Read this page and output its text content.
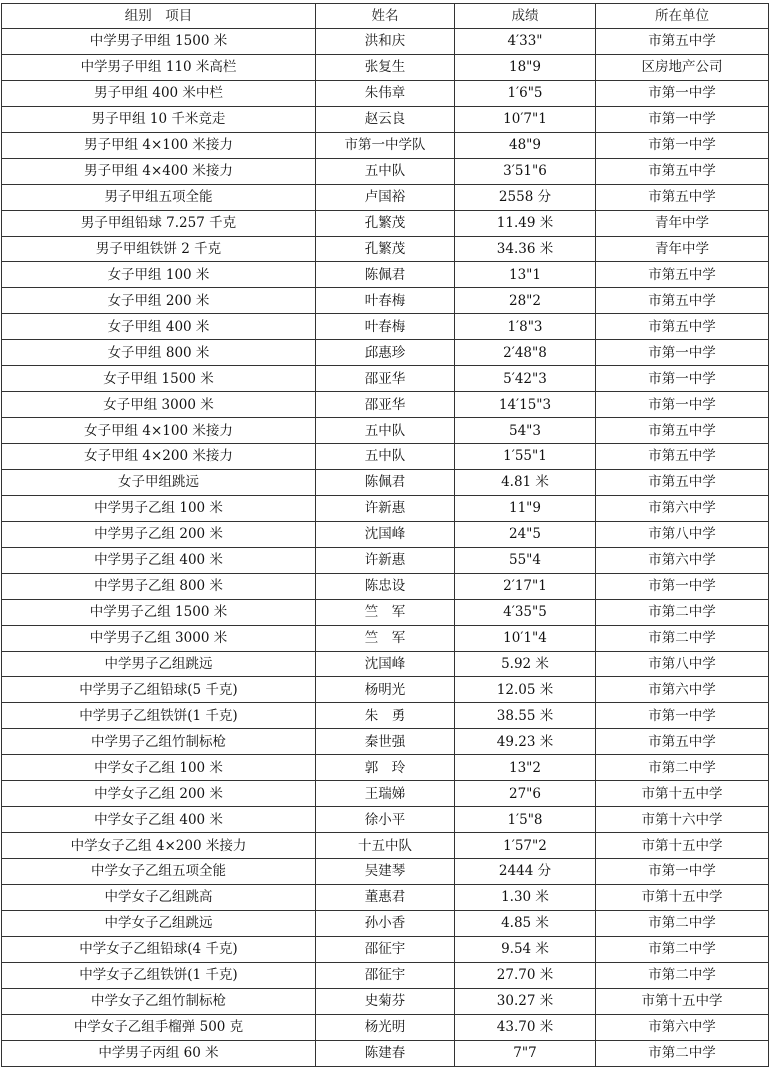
组别　项目	姓名	成绩	所在单位
中学男子甲组 1500 米	洪和庆	4′33"	市第五中学
中学男子甲组 110 米高栏	张复生	18"9	区房地产公司
男子甲组 400 米中栏	朱伟章	1′6"5	市第一中学
男子甲组 10 千米竞走	赵云良	10′7"1	市第一中学
男子甲组 4×100 米接力	市第一中学队	48"9	市第一中学
男子甲组 4×400 米接力	五中队	3′51"6	市第五中学
男子甲组五项全能	卢国裕	2558 分	市第五中学
男子甲组铅球 7.257 千克	孔繁茂	11.49 米	青年中学
男子甲组铁饼 2 千克	孔繁茂	34.36 米	青年中学
女子甲组 100 米	陈佩君	13"1	市第五中学
女子甲组 200 米	叶春梅	28"2	市第五中学
女子甲组 400 米	叶春梅	1′8"3	市第五中学
女子甲组 800 米	邱惠珍	2′48"8	市第一中学
女子甲组 1500 米	邵亚华	5′42"3	市第一中学
女子甲组 3000 米	邵亚华	14′15"3	市第一中学
女子甲组 4×100 米接力	五中队	54"3	市第五中学
女子甲组 4×200 米接力	五中队	1′55"1	市第五中学
女子甲组跳远	陈佩君	4.81 米	市第五中学
中学男子乙组 100 米	许新惠	11"9	市第六中学
中学男子乙组 200 米	沈国峰	24"5	市第八中学
中学男子乙组 400 米	许新惠	55"4	市第六中学
中学男子乙组 800 米	陈忠设	2′17"1	市第一中学
中学男子乙组 1500 米	竺　军	4′35"5	市第二中学
中学男子乙组 3000 米	竺　军	10′1"4	市第二中学
中学男子乙组跳远	沈国峰	5.92 米	市第八中学
中学男子乙组铅球(5 千克)	杨明光	12.05 米	市第六中学
中学男子乙组铁饼(1 千克)	朱　勇	38.55 米	市第一中学
中学男子乙组竹制标枪	秦世强	49.23 米	市第五中学
中学女子乙组 100 米	郭　玲	13"2	市第二中学
中学女子乙组 200 米	王瑞娣	27"6	市第十五中学
中学女子乙组 400 米	徐小平	1′5"8	市第十六中学
中学女子乙组 4×200 米接力	十五中队	1′57"2	市第十五中学
中学女子乙组五项全能	吴建琴	2444 分	市第一中学
中学女子乙组跳高	董惠君	1.30 米	市第十五中学
中学女子乙组跳远	孙小香	4.85 米	市第二中学
中学女子乙组铅球(4 千克)	邵征宇	9.54 米	市第二中学
中学女子乙组铁饼(1 千克)	邵征宇	27.70 米	市第二中学
中学女子乙组竹制标枪	史菊芬	30.27 米	市第十五中学
中学女子乙组手榴弹 500 克	杨光明	43.70 米	市第六中学
中学男子丙组 60 米	陈建春	7"7	市第二中学
